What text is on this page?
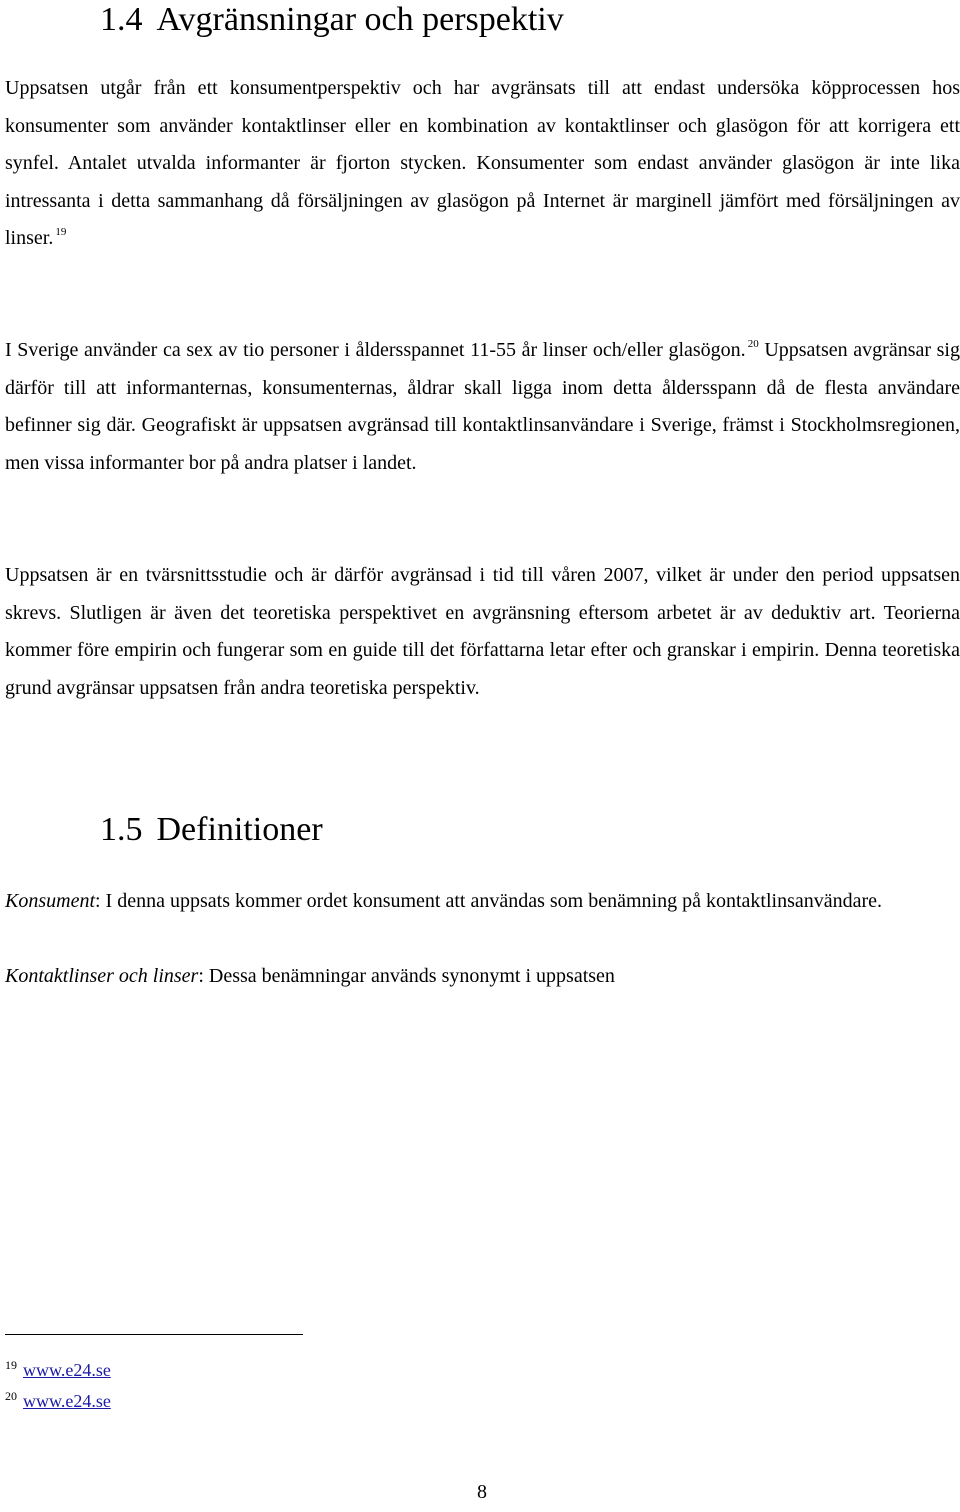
1.4 Avgränsningar och perspektiv

Uppsatsen utgår från ett konsumentperspektiv och har avgränsats till att endast undersöka köpprocessen hos konsumenter som använder kontaktlinser eller en kombination av kontaktlinser och glasögon för att korrigera ett synfel. Antalet utvalda informanter är fjorton stycken. Konsumenter som endast använder glasögon är inte lika intressanta i detta sammanhang då försäljningen av glasögon på Internet är marginell jämfört med försäljningen av linser. $^{19}$

I Sverige använder ca sex av tio personer i åldersspannet 11-55 år linser och/eller glasögon. $^{20}$ Uppsatsen avgränsar sig därför till att informanternas, konsumenternas, åldrar skall ligga inom detta åldersspann då de flesta användare befinner sig där. Geografiskt är uppsatsen avgränsad till kontaktlinsanvändare i Sverige, främst i Stockholmsregionen, men vissa informanter bor på andra platser i landet.

Uppsatsen är en tvärsnittsstudie och är därför avgränsad i tid till våren 2007, vilket är under den period uppsatsen skrevs. Slutligen är även det teoretiska perspektivet en avgränsning eftersom arbetet är av deduktiv art. Teorierna kommer före empirin och fungerar som en guide till det författarna letar efter och granskar i empirin. Denna teoretiska grund avgränsar uppsatsen från andra teoretiska perspektiv.

1.5 Definitioner

Konsument: I denna uppsats kommer ordet konsument att användas som benämning på kontaktlinsanvändare.

Kontaktlinser och linser: Dessa benämningar används synonymt i uppsatsen

$^{19}$ www.e24.se

$^{20}$ www.e24.se

8
